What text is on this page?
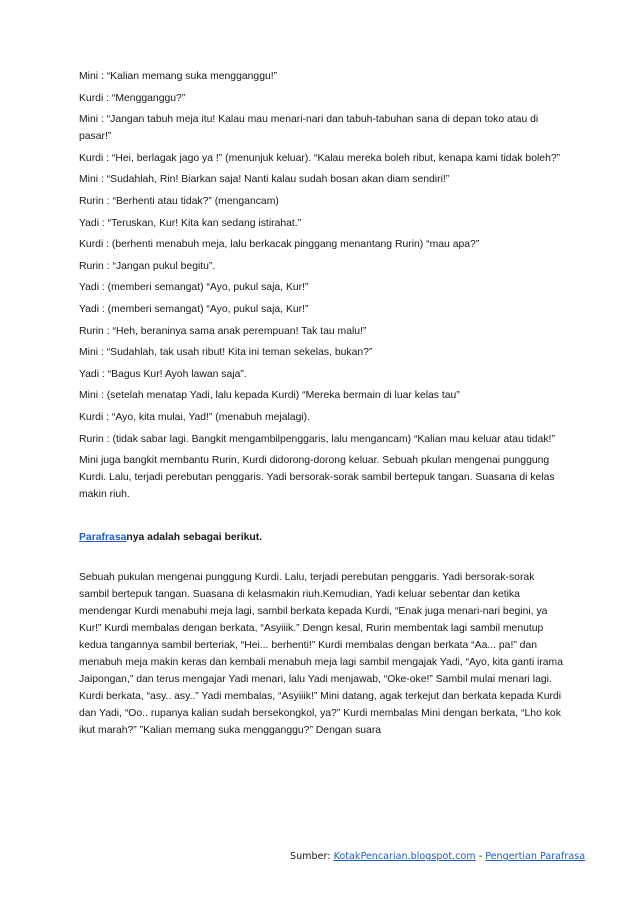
Mini : “Kalian memang suka mengganggu!”

Kurdi : “Mengganggu?”

Mini : “Jangan tabuh meja itu! Kalau mau menari-nari dan tabuh-tabuhan sana di depan toko atau di pasar!”

Kurdi : “Hei, berlagak jago ya !” (menunjuk keluar). “Kalau mereka boleh ribut, kenapa kami tidak boleh?”

Mini : “Sudahlah, Rin! Biarkan saja! Nanti kalau sudah bosan akan diam sendiri!”

Rurin : “Berhenti atau tidak?” (mengancam)

Yadi : “Teruskan, Kur! Kita kan sedang istirahat.”

Kurdi : (berhenti menabuh meja, lalu berkacak pinggang menantang Rurin) “mau apa?”

Rurin : “Jangan pukul begitu”.

Yadi : (memberi semangat) “Ayo, pukul saja, Kur!”

Yadi : (memberi semangat) “Ayo, pukul saja, Kur!”

Rurin : “Heh, beraninya sama anak perempuan! Tak tau malu!”

Mini : “Sudahlah, tak usah ribut! Kita ini teman sekelas, bukan?”

Yadi : “Bagus Kur! Ayoh lawan saja”.

Mini : (setelah menatap Yadi, lalu kepada Kurdi) “Mereka bermain di luar kelas tau”

Kurdi : “Ayo, kita mulai, Yad!” (menabuh mejalagi).

Rurin : (tidak sabar lagi. Bangkit mengambilpenggaris, lalu mengancam) “Kalian mau keluar atau tidak!”

Mini juga bangkit membantu Rurin, Kurdi didorong-dorong keluar. Sebuah pkulan mengenai punggung Kurdi. Lalu, terjadi perebutan penggaris. Yadi bersorak-sorak sambil bertepuk tangan. Suasana di kelas makin riuh.

Parafrasanya adalah sebagai berikut.

Sebuah pukulan mengenai punggung Kurdi. Lalu, terjadi perebutan penggaris. Yadi bersorak-sorak sambil bertepuk tangan. Suasana di kelasmakin riuh.Kemudian, Yadi keluar sebentar dan ketika mendengar Kurdi menabuhi meja lagi, sambil berkata kepada Kurdi, “Enak juga menari-nari begini, ya Kur!” Kurdi membalas dengan berkata, “Asyiiik.” Dengn kesal, Rurin membentak lagi sambil menutup kedua tangannya sambil berteriak, “Hei... berhenti!” Kurdi membalas dengan berkata “Aa... pa!” dan menabuh meja makin keras dan kembali menabuh meja lagi sambil mengajak Yadi, “Ayo, kita ganti irama Jaipongan,” dan terus mengajar Yadi menari, lalu Yadi menjawab, “Oke-oke!” Sambil mulai menari lagi. Kurdi berkata, “asy.. asy..” Yadi membalas, “Asyiiik!” Mini datang, agak terkejut dan berkata kepada Kurdi dan Yadi, “Oo.. rupanya kalian sudah bersekongkol, ya?” Kurdi membalas Mini dengan berkata, “Lho kok ikut marah?” ”Kalian memang suka mengganggu?” Dengan suara

Sumber: KotakPencarian.blogspot.com - Pengertian Parafrasa
